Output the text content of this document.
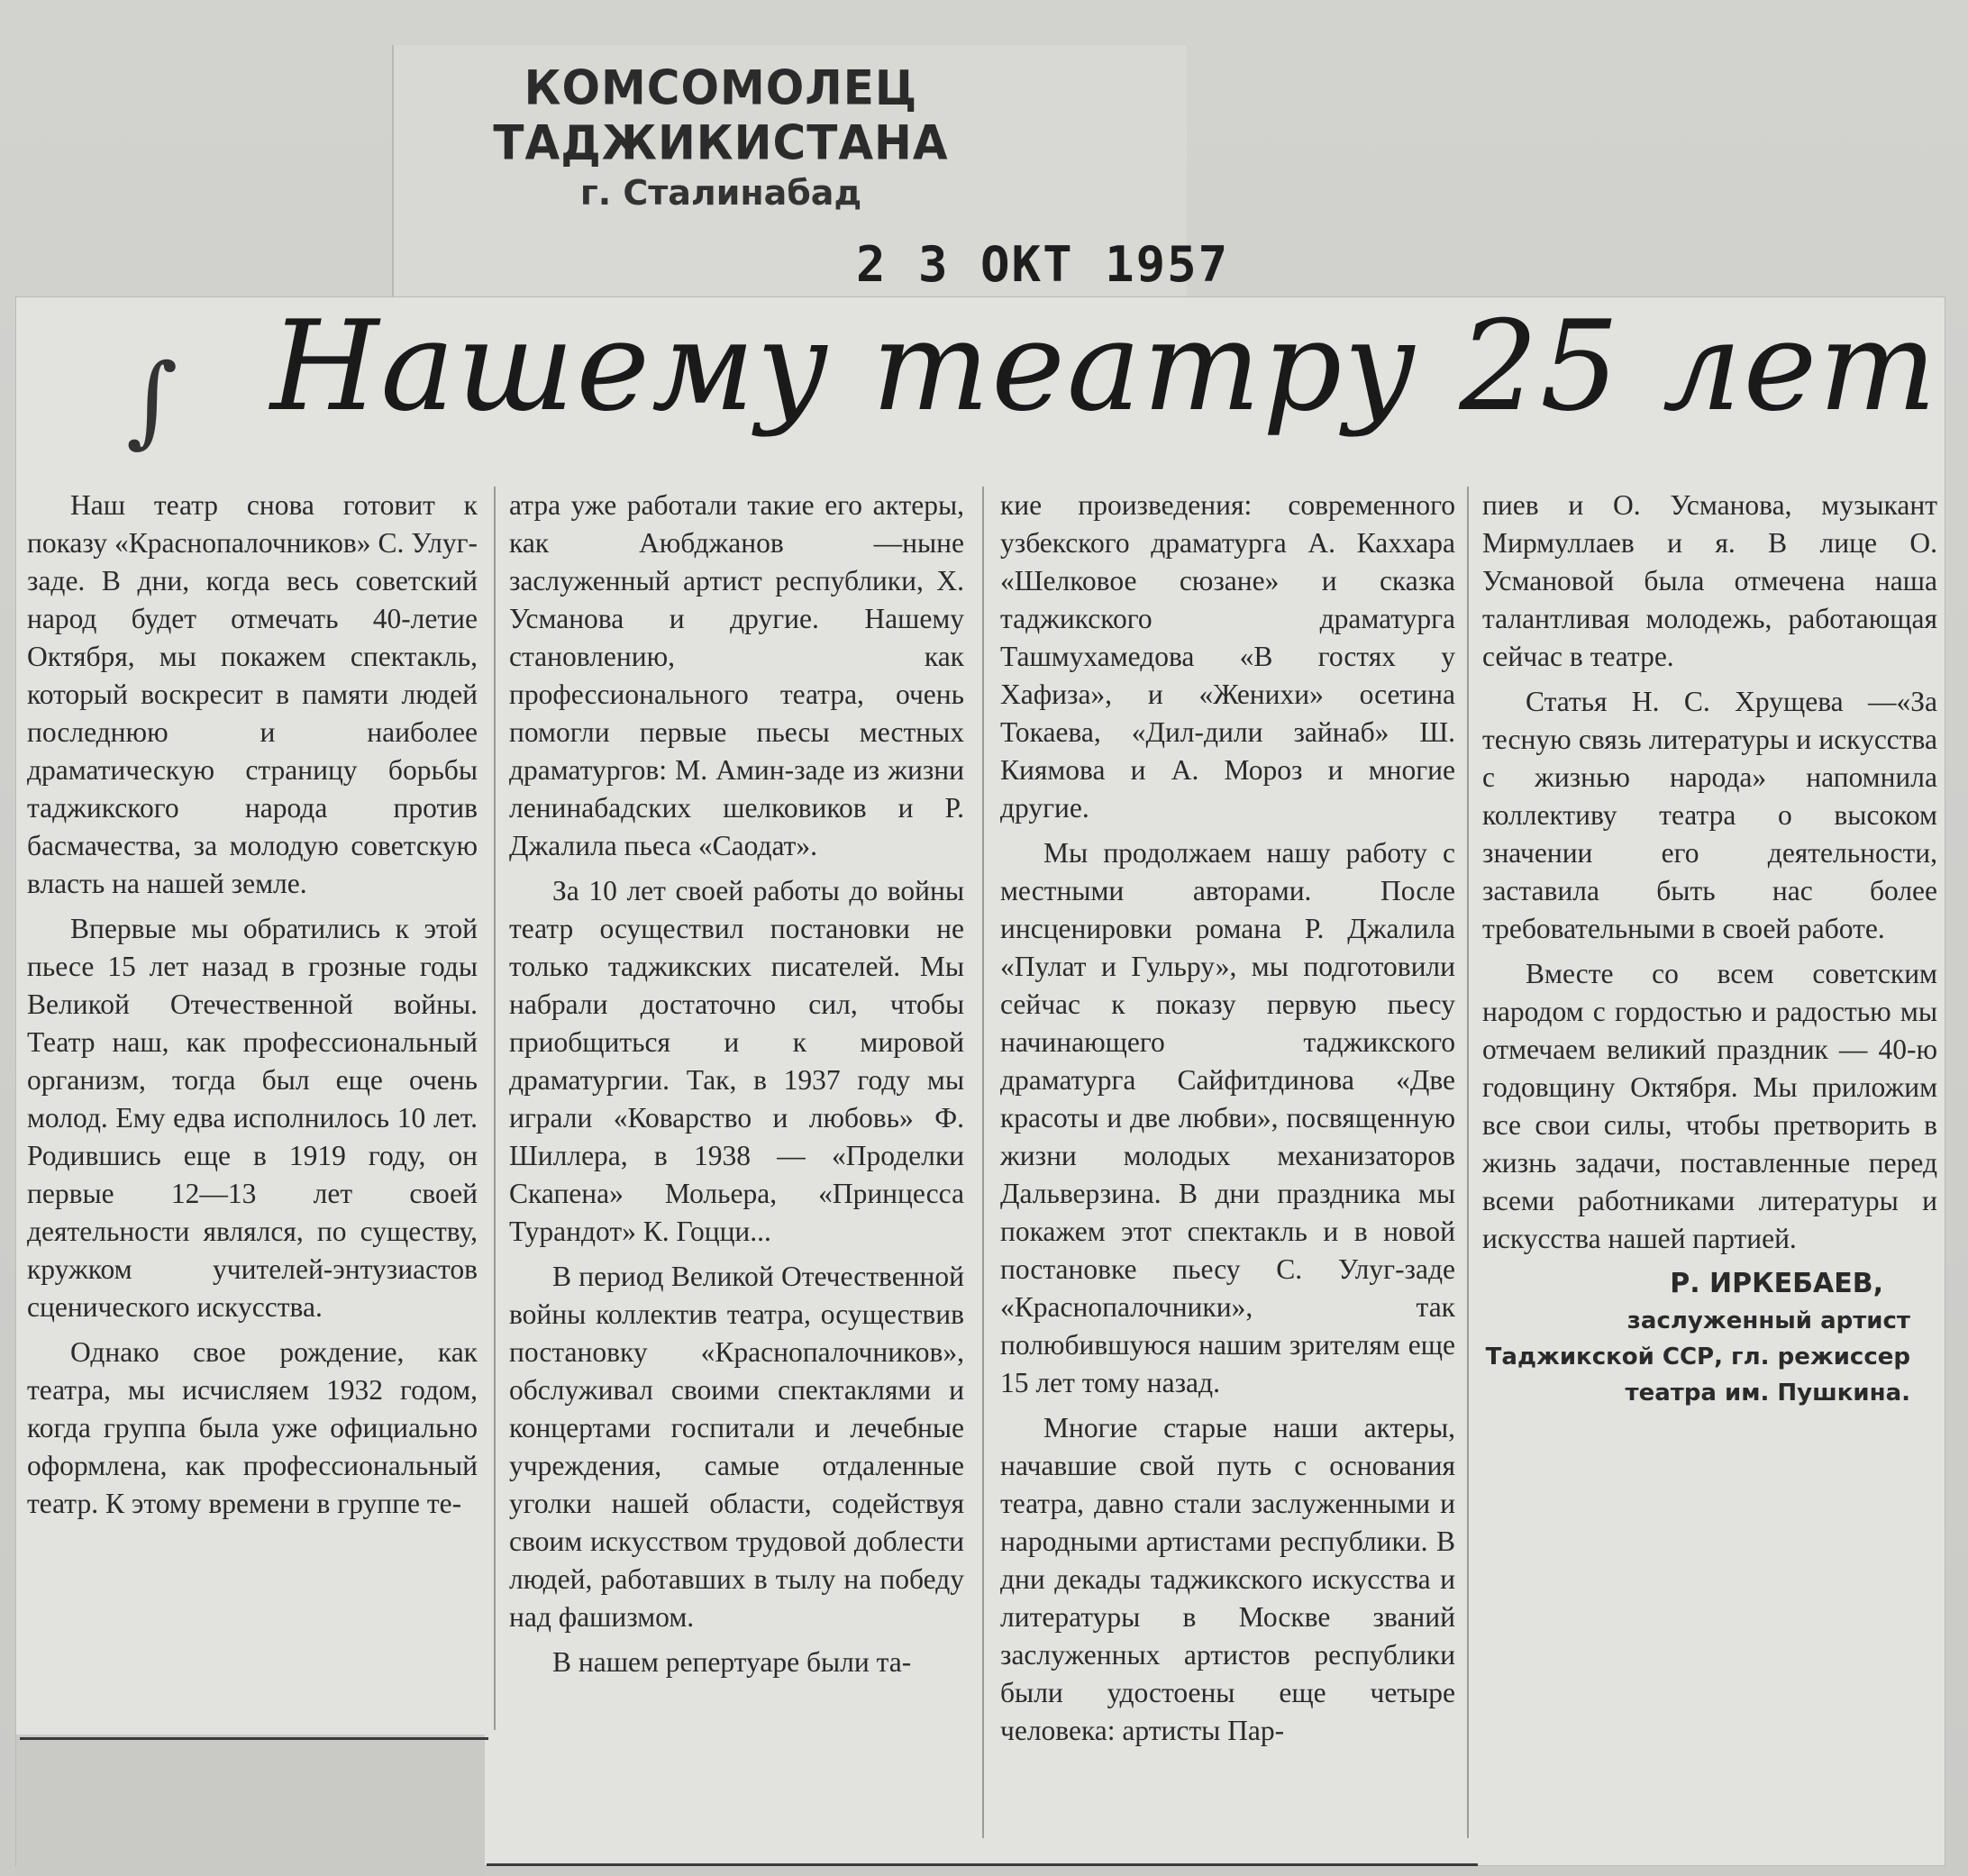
КОМСОМОЛЕЦ ТАДЖИКИСТАНА
г. Сталинабад
2 3 ОКТ 1957
∫ Нашему театру 25 лет

Наш театр снова готовит к показу «Краснопалочников» С. Улуг-заде. В дни, когда весь советский народ будет отмечать 40-летие Октября, мы покажем спектакль, который воскресит в памяти людей последнюю и наиболее драматическую страницу борьбы таджикского народа против басмачества, за молодую советскую власть на нашей земле.

Впервые мы обратились к этой пьесе 15 лет назад в грозные годы Великой Отечественной войны. Театр наш, как профессиональный организм, тогда был еще очень молод. Ему едва исполнилось 10 лет. Родившись еще в 1919 году, он первые 12—13 лет своей деятельности являлся, по существу, кружком учителей-энтузиастов сценического искусства.

Однако свое рождение, как театра, мы исчисляем 1932 годом, когда группа была уже официально оформлена, как профессиональный театр. К этому времени в группе те-

атра уже работали такие его актеры, как Аюбджанов —ныне заслуженный артист республики, Х. Усманова и другие. Нашему становлению, как профессионального театра, очень помогли первые пьесы местных драматургов: М. Амин-заде из жизни ленинабадских шелковиков и Р. Джалила пьеса «Саодат».

За 10 лет своей работы до войны театр осуществил постановки не только таджикских писателей. Мы набрали достаточно сил, чтобы приобщиться и к мировой драматургии. Так, в 1937 году мы играли «Коварство и любовь» Ф. Шиллера, в 1938 — «Проделки Скапена» Мольера, «Принцесса Турандот» К. Гоцци...

В период Великой Отечественной войны коллектив театра, осуществив постановку «Краснопалочников», обслуживал своими спектаклями и концертами госпитали и лечебные учреждения, самые отдаленные уголки нашей области, содействуя своим искусством трудовой доблести людей, работавших в тылу на победу над фашизмом.

В нашем репертуаре были та-

кие произведения: современного узбекского драматурга А. Каххара «Шелковое сюзане» и сказка таджикского драматурга Ташмухамедова «В гостях у Хафиза», и «Женихи» осетина Токаева, «Дил-дили зайнаб» Ш. Киямова и А. Мороз и многие другие.

Мы продолжаем нашу работу с местными авторами. После инсценировки романа Р. Джалила «Пулат и Гульру», мы подготовили сейчас к показу первую пьесу начинающего таджикского драматурга Сайфитдинова «Две красоты и две любви», посвященную жизни молодых механизаторов Дальверзина. В дни праздника мы покажем этот спектакль и в новой постановке пьесу С. Улуг-заде «Краснопалочники», так полюбившуюся нашим зрителям еще 15 лет тому назад.

Многие старые наши актеры, начавшие свой путь с основания театра, давно стали заслуженными и народными артистами республики. В дни декады таджикского искусства и литературы в Москве званий заслуженных артистов республики были удостоены еще четыре человека: артисты Пар-

пиев и О. Усманова, музыкант Мирмуллаев и я. В лице О. Усмановой была отмечена наша талантливая молодежь, работающая сейчас в театре.

Статья Н. С. Хрущева —«За тесную связь литературы и искусства с жизнью народа» напомнила коллективу театра о высоком значении его деятельности, заставила быть нас более требовательными в своей работе.

Вместе со всем советским народом с гордостью и радостью мы отмечаем великий праздник — 40-ю годовщину Октября. Мы приложим все свои силы, чтобы претворить в жизнь задачи, поставленные перед всеми работниками литературы и искусства нашей партией.

Р. ИРКЕБАЕВ,
заслуженный артист Таджикской ССР, гл. режиссер театра им. Пушкина.
